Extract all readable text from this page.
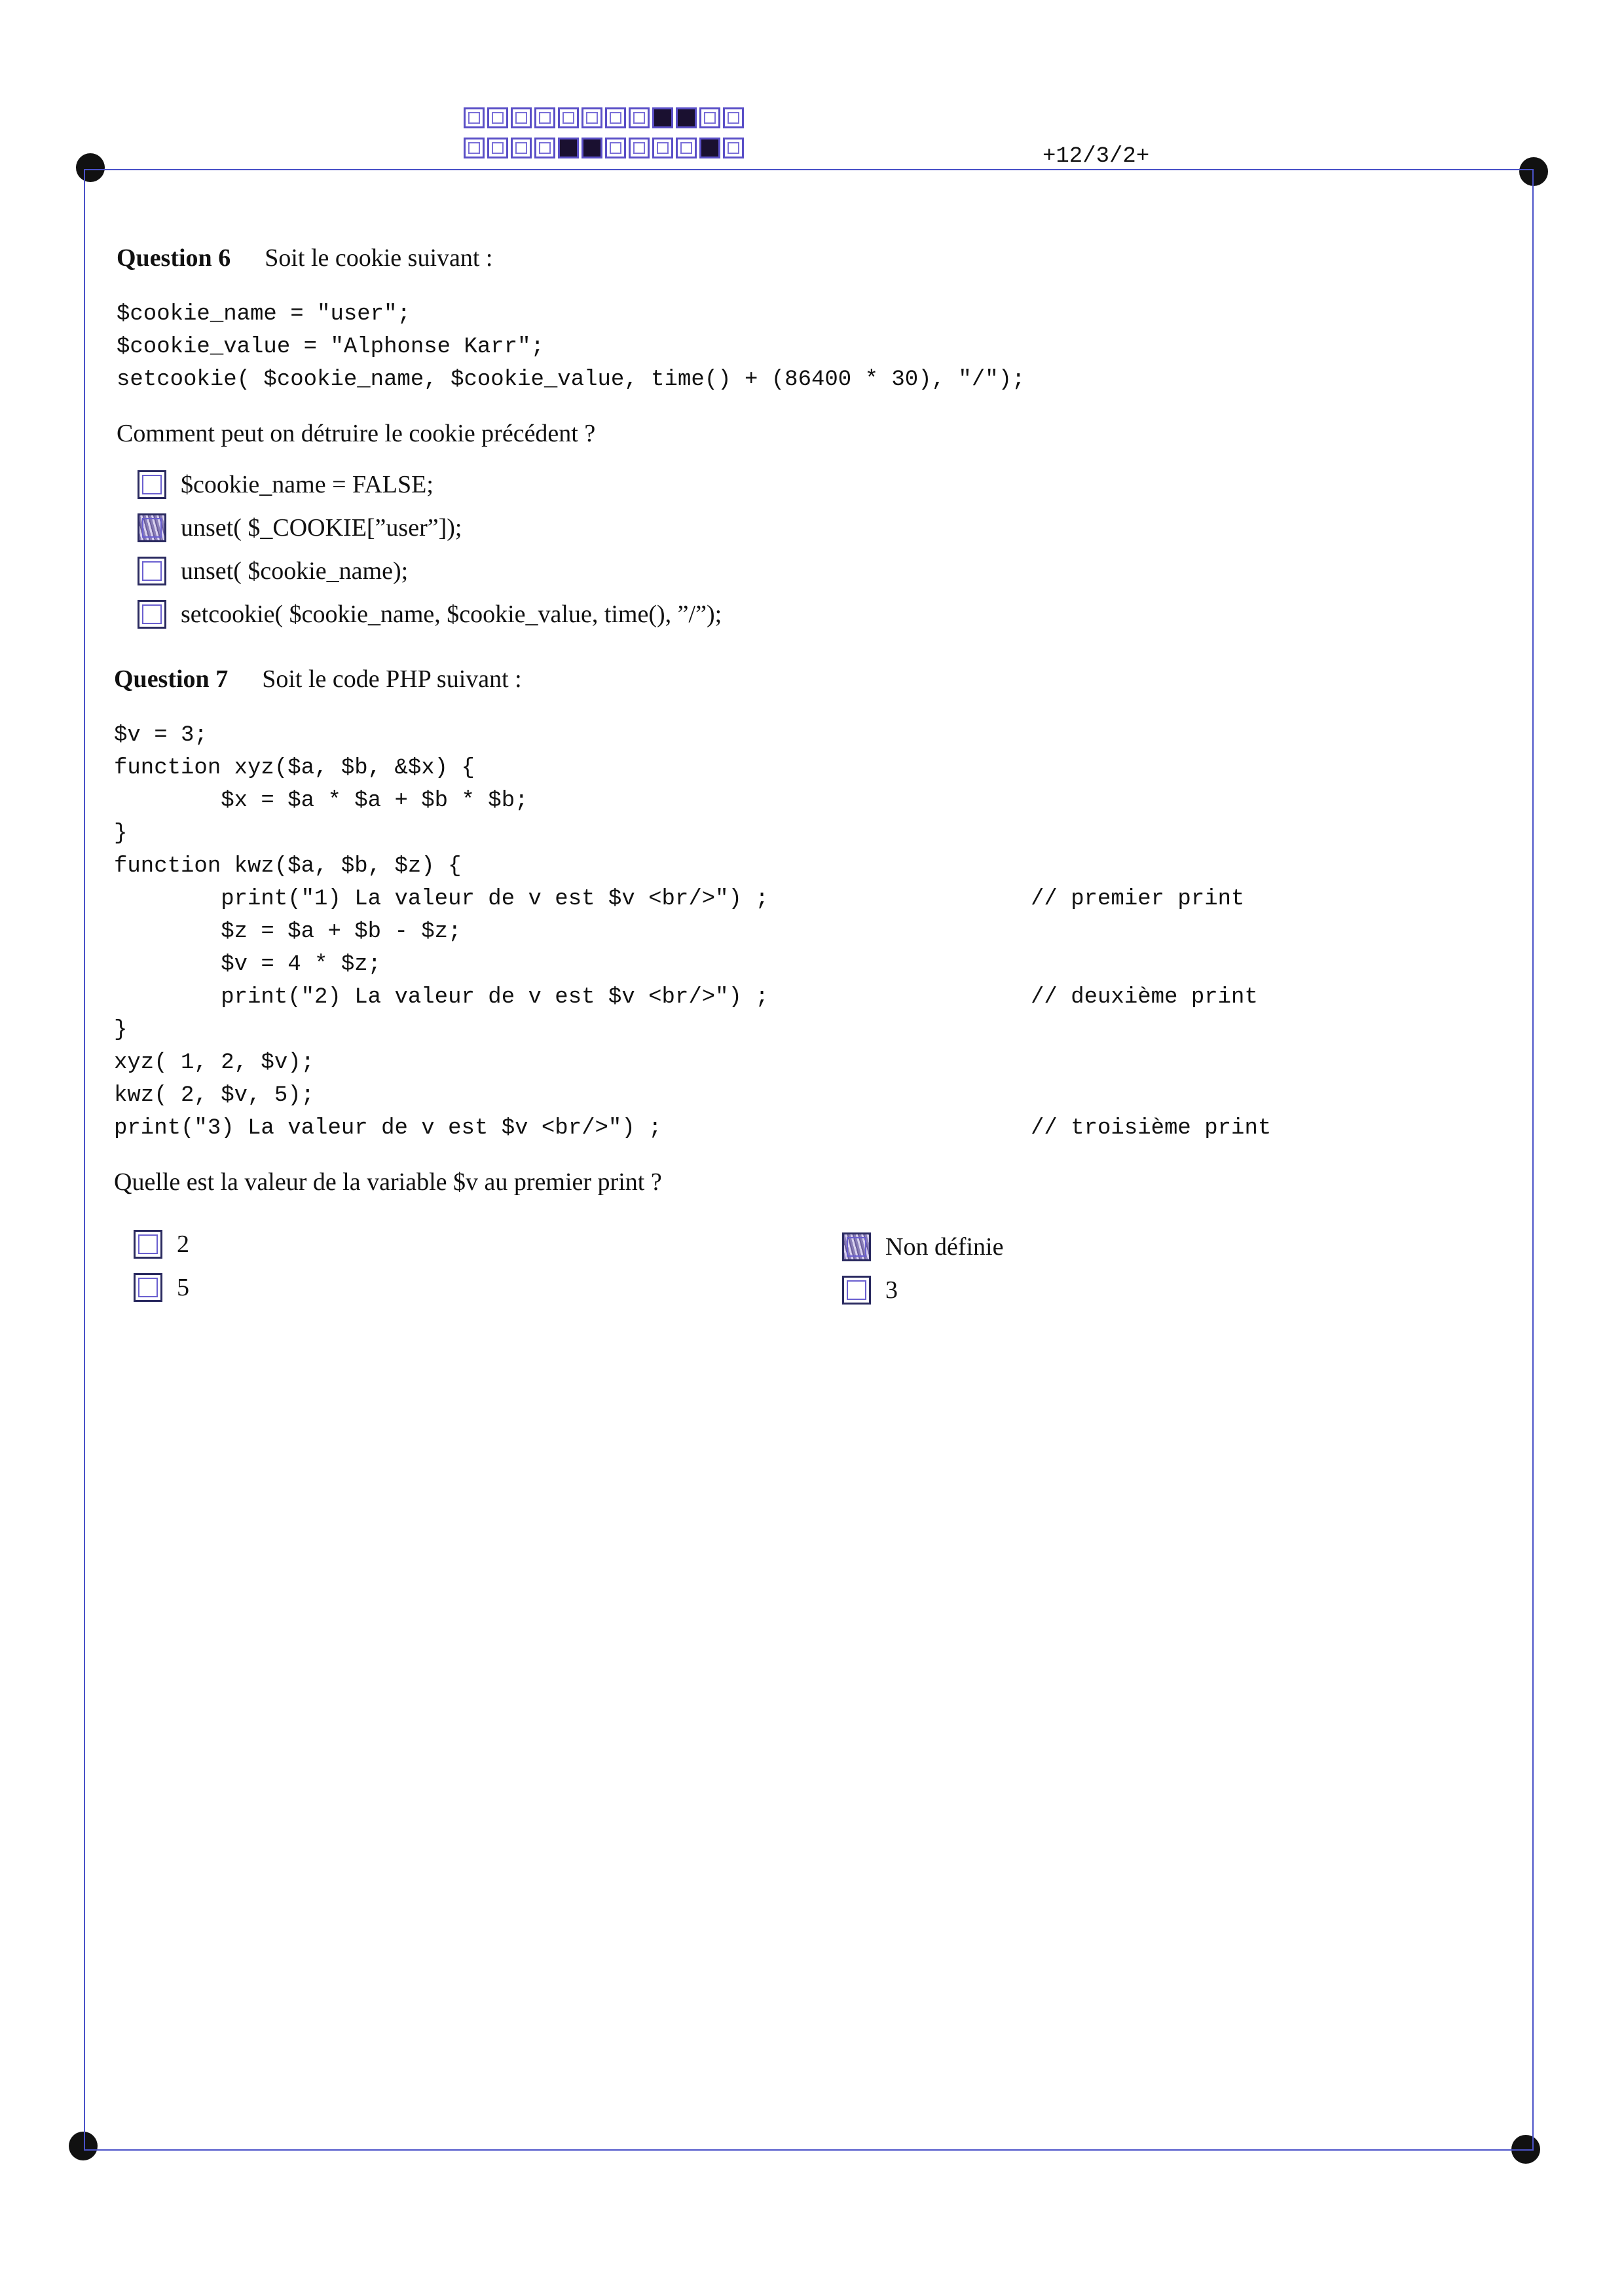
+12/3/2+
Question 6 Soit le cookie suivant :
$cookie_name = "user";
$cookie_value = "Alphonse Karr";
setcookie( $cookie_name, $cookie_value, time() + (86400 * 30), "/");
Comment peut on détruire le cookie précédent ?
$cookie_name = FALSE;
unset( $_COOKIE[”user”]);
unset( $cookie_name);
setcookie( $cookie_name, $cookie_value, time(), ”/”);
Question 7 Soit le code PHP suivant :
$v = 3;
function xyz($a, $b, &$x) {
$x = $a * $a + $b * $b;
}
function kwz($a, $b, $z) {
print("1) La valeur de v est $v <br/>") ;	// premier print
$z = $a + $b - $z;
$v = 4 * $z;
print("2) La valeur de v est $v <br/>") ;	// deuxième print
}
xyz( 1, 2, $v);
kwz( 2, $v, 5);
print("3) La valeur de v est $v <br/>") ;	// troisième print
Quelle est la valeur de la variable $v au premier print ?
2
5
Non définie
3
